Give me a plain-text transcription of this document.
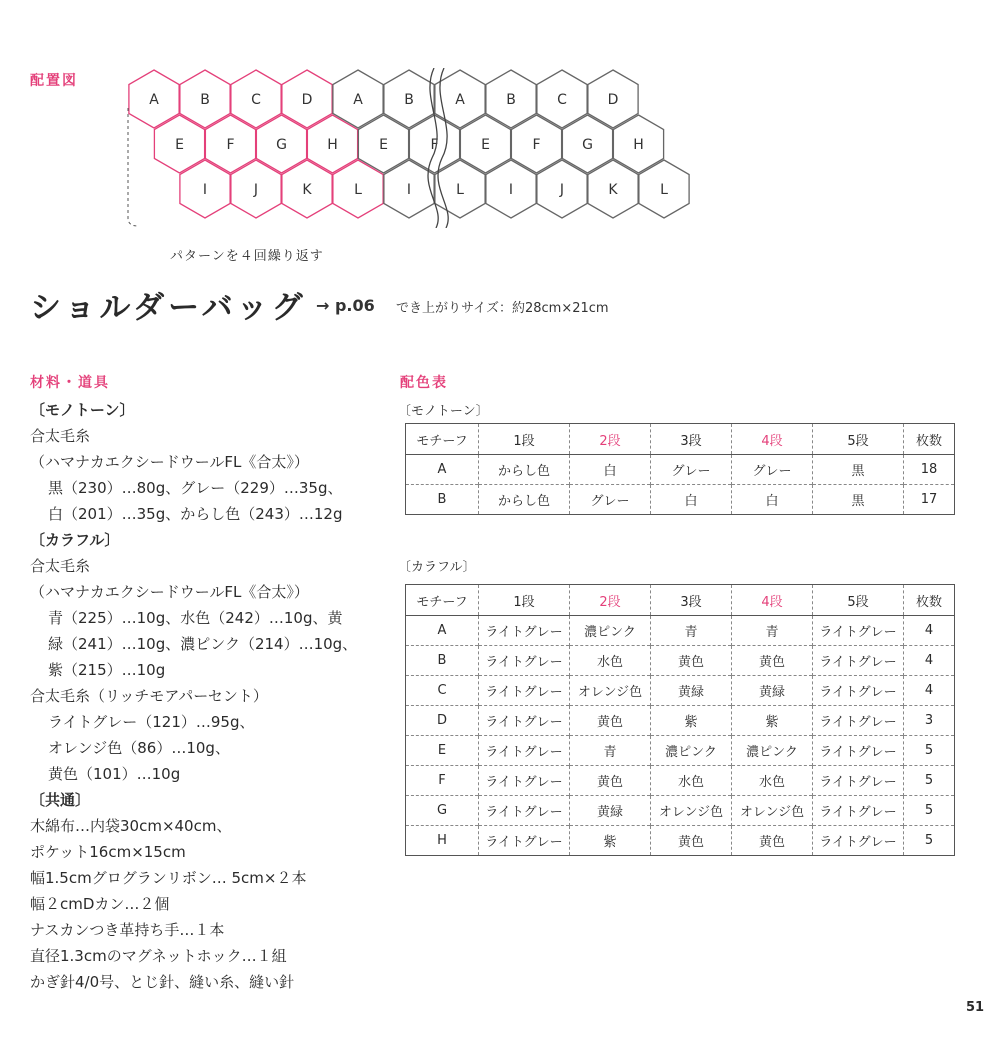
配置図
A	B	C	D	A	B	A	B	C	D
E	F	G	H	E	F	E	F	G	H
I	J	K	L	I	L	I	J	K	L
パターンを４回繰り返す
ショルダーバッグ → p.06 でき上がりサイズ：約28cm×21cm
材料・道具
〔モノトーン〕
合太毛糸
（ハマナカエクシードウールFL《合太》）
黒（230）…80g、グレー（229）…35g、
白（201）…35g、からし色（243）…12g
〔カラフル〕
合太毛糸
（ハマナカエクシードウールFL《合太》）
青（225）…10g、水色（242）…10g、黄
緑（241）…10g、濃ピンク（214）…10g、
紫（215）…10g
合太毛糸（リッチモアパーセント）
ライトグレー（121）…95g、
オレンジ色（86）…10g、
黄色（101）…10g
〔共通〕
木綿布…内袋30cm×40cm、
ポケット16cm×15cm
幅1.5cmグログランリボン… 5cm×２本
幅２cmDカン…２個
ナスカンつき革持ち手…１本
直径1.3cmのマグネットホック…１組
かぎ針4/0号、とじ針、縫い糸、縫い針
配色表
〔モノトーン〕
モチーフ	1段	2段	3段	4段	5段	枚数
A	からし色	白	グレー	グレー	黒	18
B	からし色	グレー	白	白	黒	17
〔カラフル〕
モチーフ	1段	2段	3段	4段	5段	枚数
A	ライトグレー	濃ピンク	青	青	ライトグレー	4
B	ライトグレー	水色	黄色	黄色	ライトグレー	4
C	ライトグレー	オレンジ色	黄緑	黄緑	ライトグレー	4
D	ライトグレー	黄色	紫	紫	ライトグレー	3
E	ライトグレー	青	濃ピンク	濃ピンク	ライトグレー	5
F	ライトグレー	黄色	水色	水色	ライトグレー	5
G	ライトグレー	黄緑	オレンジ色	オレンジ色	ライトグレー	5
H	ライトグレー	紫	黄色	黄色	ライトグレー	5
51
